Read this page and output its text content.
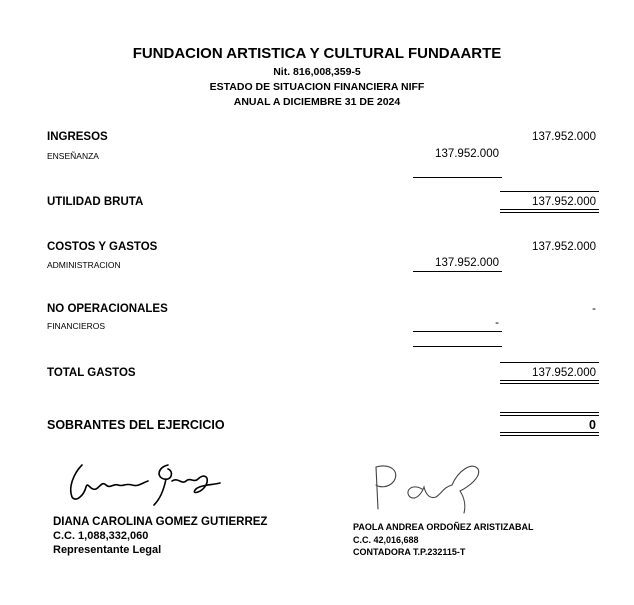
FUNDACION ARTISTICA Y CULTURAL FUNDAARTE
Nit. 816,008,359-5
ESTADO DE SITUACION FINANCIERA NIFF
ANUAL A DICIEMBRE 31 DE 2024
INGRESOS	137.952.000
ENSEÑANZA	137.952.000
UTILIDAD BRUTA	137.952.000
COSTOS Y GASTOS	137.952.000
ADMINISTRACION	137.952.000
NO OPERACIONALES	-
FINANCIEROS	-
TOTAL GASTOS	137.952.000
SOBRANTES DEL EJERCICIO	0
DIANA CAROLINA GOMEZ GUTIERREZ
C.C. 1,088,332,060
Representante Legal
PAOLA ANDREA ORDOÑEZ ARISTIZABAL
C.C. 42,016,688
CONTADORA T.P.232115-T
